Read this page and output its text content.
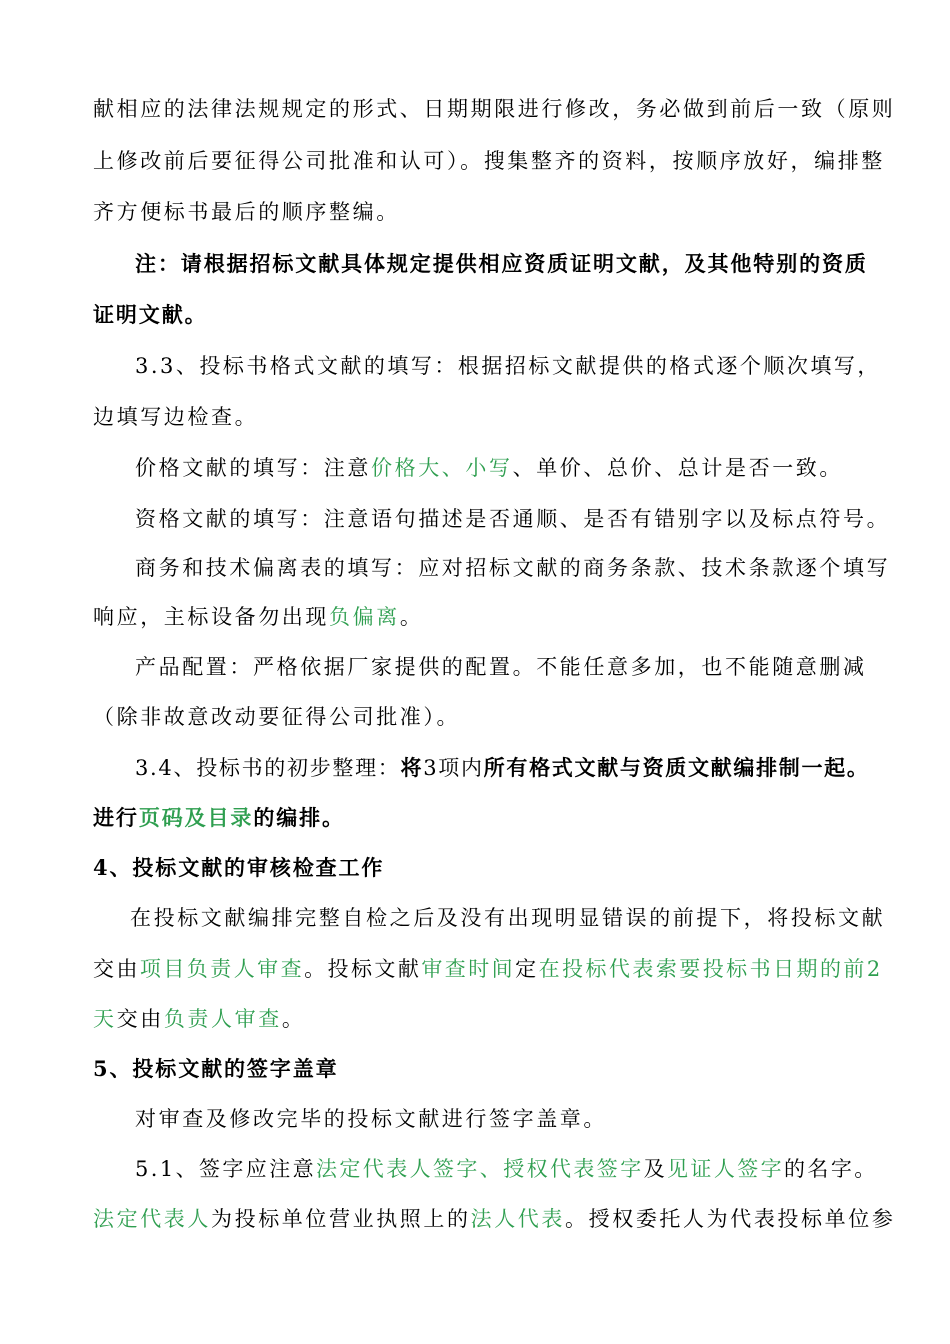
献相应的法律法规规定的形式、日期期限进行修改，务必做到前后一致（原则
上修改前后要征得公司批准和认可）。搜集整齐的资料，按顺序放好，编排整
齐方便标书最后的顺序整编。
注：请根据招标文献具体规定提供相应资质证明文献，及其他特别的资质
证明文献。
3.3、投标书格式文献的填写：根据招标文献提供的格式逐个顺次填写，
边填写边检查。
价格文献的填写：注意价格大、小写、单价、总价、总计是否一致。
资格文献的填写：注意语句描述是否通顺、是否有错别字以及标点符号。
商务和技术偏离表的填写：应对招标文献的商务条款、技术条款逐个填写
响应，主标设备勿出现负偏离。
产品配置：严格依据厂家提供的配置。不能任意多加，也不能随意删减
（除非故意改动要征得公司批准）。
3.4、投标书的初步整理：将3项内所有格式文献与资质文献编排制一起。
进行页码及目录的编排。
4、投标文献的审核检查工作
在投标文献编排完整自检之后及没有出现明显错误的前提下，将投标文献
交由项目负责人审查。投标文献审查时间定在投标代表索要投标书日期的前2
天交由负责人审查。
5、投标文献的签字盖章
对审查及修改完毕的投标文献进行签字盖章。
5.1、签字应注意法定代表人签字、授权代表签字及见证人签字的名字。
法定代表人为投标单位营业执照上的法人代表。授权委托人为代表投标单位参
